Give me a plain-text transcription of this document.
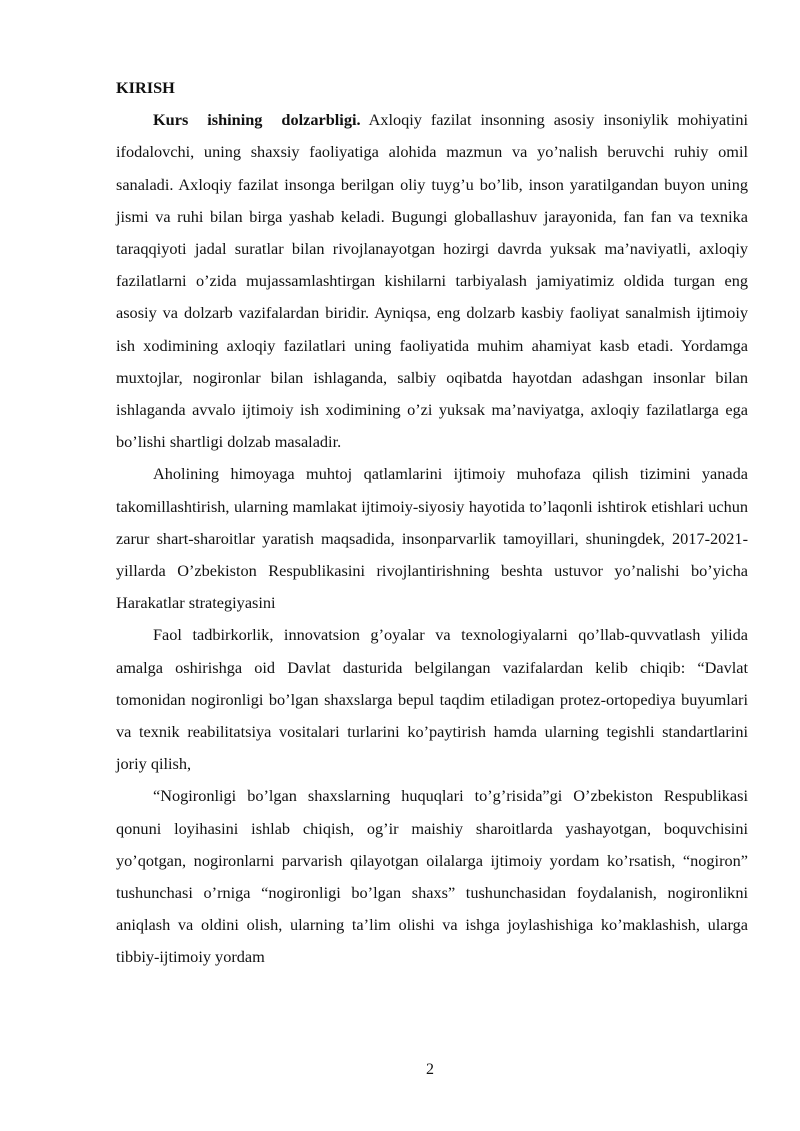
KIRISH

Kurs ishining dolzarbligi. Axloqiy fazilat insonning asosiy insoniylik mohiyatini ifodalovchi, uning shaxsiy faoliyatiga alohida mazmun va yo’nalish beruvchi ruhiy omil sanaladi. Axloqiy fazilat insonga berilgan oliy tuyg’u bo’lib, inson yaratilgandan buyon uning jismi va ruhi bilan birga yashab keladi. Bugungi globallashuv jarayonida, fan fan va texnika taraqqiyoti jadal suratlar bilan rivojlanayotgan hozirgi davrda yuksak ma’naviyatli, axloqiy fazilatlarni o’zida mujassamlashtirgan kishilarni tarbiyalash jamiyatimiz oldida turgan eng asosiy va dolzarb vazifalardan biridir. Ayniqsa, eng dolzarb kasbiy faoliyat sanalmish ijtimoiy ish xodimining axloqiy fazilatlari uning faoliyatida muhim ahamiyat kasb etadi. Yordamga muxtojlar, nogironlar bilan ishlaganda, salbiy oqibatda hayotdan adashgan insonlar bilan ishlaganda avvalo ijtimoiy ish xodimining o’zi yuksak ma’naviyatga, axloqiy fazilatlarga ega bo’lishi shartligi dolzab masaladir.

Aholining himoyaga muhtoj qatlamlarini ijtimoiy muhofaza qilish tizimini yanada takomillashtirish, ularning mamlakat ijtimoiy-siyosiy hayotida to’laqonli ishtirok etishlari uchun zarur shart-sharoitlar yaratish maqsadida, insonparvarlik tamoyillari, shuningdek, 2017-2021-yillarda O’zbekiston Respublikasini rivojlantirishning beshta ustuvor yo’nalishi bo’yicha Harakatlar strategiyasini

Faol tadbirkorlik, innovatsion g’oyalar va texnologiyalarni qo’llab-quvvatlash yilida amalga oshirishga oid Davlat dasturida belgilangan vazifalardan kelib chiqib: “Davlat tomonidan nogironligi bo’lgan shaxslarga bepul taqdim etiladigan protez-ortopediya buyumlari va texnik reabilitatsiya vositalari turlarini ko’paytirish hamda ularning tegishli standartlarini joriy qilish,

“Nogironligi bo’lgan shaxslarning huquqlari to’g’risida”gi O’zbekiston Respublikasi qonuni loyihasini ishlab chiqish, og’ir maishiy sharoitlarda yashayotgan, boquvchisini yo’qotgan, nogironlarni parvarish qilayotgan oilalarga ijtimoiy yordam ko’rsatish, “nogiron” tushunchasi o’rniga “nogironligi bo’lgan shaxs” tushunchasidan foydalanish, nogironlikni aniqlash va oldini olish, ularning ta’lim olishi va ishga joylashishiga ko’maklashish, ularga tibbiy-ijtimoiy yordam

2
